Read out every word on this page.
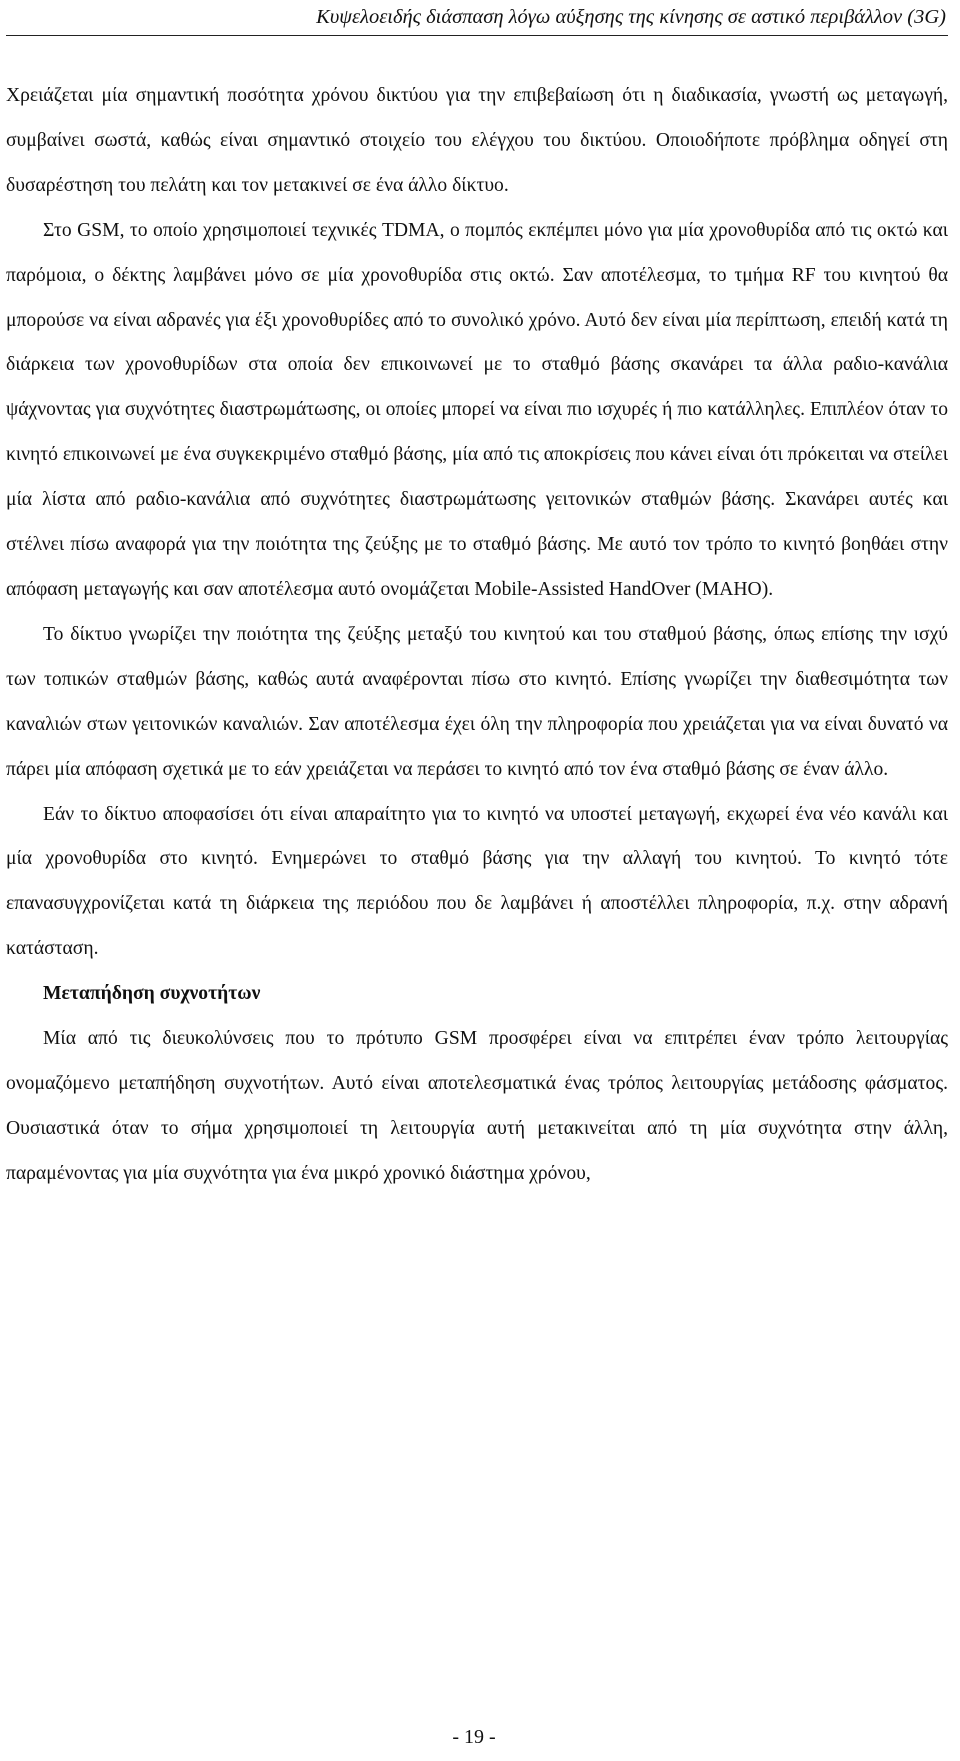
Κυψελοειδής διάσπαση λόγω αύξησης της κίνησης σε αστικό περιβάλλον (3G)

Χρειάζεται μία σημαντική ποσότητα χρόνου δικτύου για την επιβεβαίωση ότι η διαδικασία, γνωστή ως μεταγωγή, συμβαίνει σωστά, καθώς είναι σημαντικό στοιχείο του ελέγχου του δικτύου. Οποιοδήποτε πρόβλημα οδηγεί στη δυσαρέστηση του πελάτη και τον μετακινεί σε ένα άλλο δίκτυο.

Στο GSM, το οποίο χρησιμοποιεί τεχνικές TDMA, ο πομπός εκπέμπει μόνο για μία χρονοθυρίδα από τις οκτώ και παρόμοια, ο δέκτης λαμβάνει μόνο σε μία χρονοθυρίδα στις οκτώ. Σαν αποτέλεσμα, το τμήμα RF του κινητού θα μπορούσε να είναι αδρανές για έξι χρονοθυρίδες από το συνολικό χρόνο. Αυτό δεν είναι μία περίπτωση, επειδή κατά τη διάρκεια των χρονοθυρίδων στα οποία δεν επικοινωνεί με το σταθμό βάσης σκανάρει τα άλλα ραδιο-κανάλια ψάχνοντας για συχνότητες διαστρωμάτωσης, οι οποίες μπορεί να είναι πιο ισχυρές ή πιο κατάλληλες. Επιπλέον όταν το κινητό επικοινωνεί με ένα συγκεκριμένο σταθμό βάσης, μία από τις αποκρίσεις που κάνει είναι ότι πρόκειται να στείλει μία λίστα από ραδιο-κανάλια από συχνότητες διαστρωμάτωσης γειτονικών σταθμών βάσης. Σκανάρει αυτές και στέλνει πίσω αναφορά για την ποιότητα της ζεύξης με το σταθμό βάσης. Με αυτό τον τρόπο το κινητό βοηθάει στην απόφαση μεταγωγής και σαν αποτέλεσμα αυτό ονομάζεται Mobile-Assisted HandOver (MAHO).

Το δίκτυο γνωρίζει την ποιότητα της ζεύξης μεταξύ του κινητού και του σταθμού βάσης, όπως επίσης την ισχύ των τοπικών σταθμών βάσης, καθώς αυτά αναφέρονται πίσω στο κινητό. Επίσης γνωρίζει την διαθεσιμότητα των καναλιών στων γειτονικών καναλιών. Σαν αποτέλεσμα έχει όλη την πληροφορία που χρειάζεται για να είναι δυνατό να πάρει μία απόφαση σχετικά με το εάν χρειάζεται να περάσει το κινητό από τον ένα σταθμό βάσης σε έναν άλλο.

Εάν το δίκτυο αποφασίσει ότι είναι απαραίτητο για το κινητό να υποστεί μεταγωγή, εκχωρεί ένα νέο κανάλι και μία χρονοθυρίδα στο κινητό. Ενημερώνει το σταθμό βάσης για την αλλαγή του κινητού. Το κινητό τότε επανασυγχρονίζεται κατά τη διάρκεια της περιόδου που δε λαμβάνει ή αποστέλλει πληροφορία, π.χ. στην αδρανή κατάσταση.

Μεταπήδηση συχνοτήτων

Μία από τις διευκολύνσεις που το πρότυπο GSM προσφέρει είναι να επιτρέπει έναν τρόπο λειτουργίας ονομαζόμενο μεταπήδηση συχνοτήτων. Αυτό είναι αποτελεσματικά ένας τρόπος λειτουργίας μετάδοσης φάσματος. Ουσιαστικά όταν το σήμα χρησιμοποιεί τη λειτουργία αυτή μετακινείται από τη μία συχνότητα στην άλλη, παραμένοντας για μία συχνότητα για ένα μικρό χρονικό διάστημα χρόνου,

- 19 -
